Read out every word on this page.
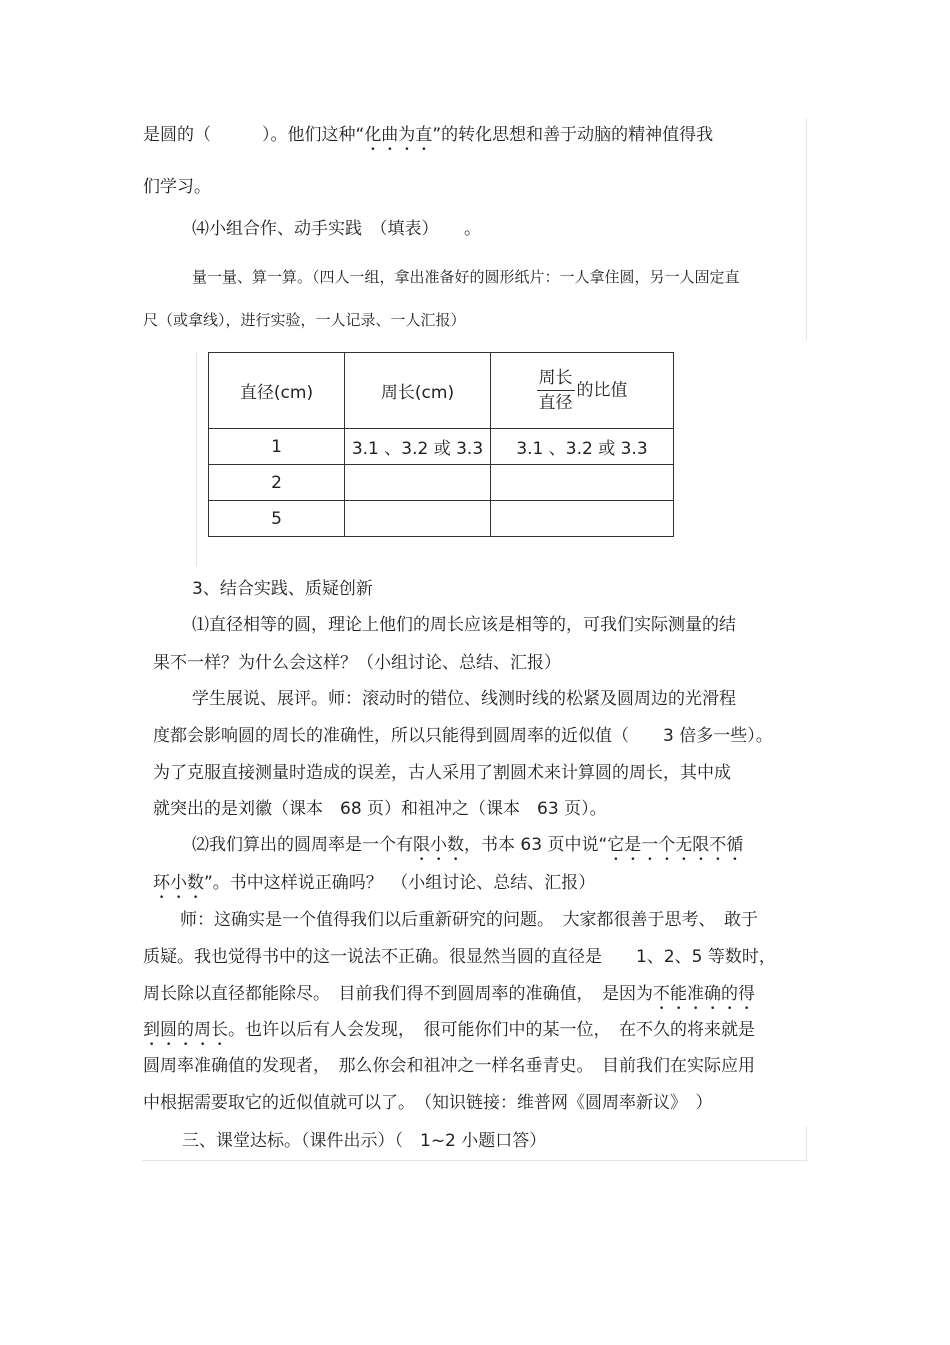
是圆的（　　　）。他们这种“化曲为直”的转化思想和善于动脑的精神值得我
们学习。
⑷小组合作、动手实践　（填表）　　。
量一量、算一算。（四人一组，拿出准备好的圆形纸片：一人拿住圆，另一人固定直
尺（或拿线），进行实验，一人记录、一人汇报）
直径(cm)	周长(cm)	$\frac{\text{周长}}{\text{直径}}$ 的比值
1	3.1 、3.2 或 3.3	3.1 、3.2 或 3.3
2		
5		
3、结合实践、质疑创新
⑴直径相等的圆，理论上他们的周长应该是相等的，可我们实际测量的结
果不一样？为什么会这样？（小组讨论、总结、汇报）
学生展说、展评。师：滚动时的错位、线测时线的松紧及圆周边的光滑程
度都会影响圆的周长的准确性，所以只能得到圆周率的近似值（　　3 倍多一些）。
为了克服直接测量时造成的误差，古人采用了割圆术来计算圆的周长，其中成
就突出的是刘徽（课本　68 页）和祖冲之（课本　63 页）。
⑵我们算出的圆周率是一个有限小数，书本 63 页中说“它是一个无限不循
环小数”。书中这样说正确吗？　（小组讨论、总结、汇报）
师：这确实是一个值得我们以后重新研究的问题。　大家都很善于思考、　敢于
质疑。我也觉得书中的这一说法不正确。很显然当圆的直径是　　1、2、5 等数时，
周长除以直径都能除尽。　目前我们得不到圆周率的准确值，　是因为不能准确的得
到圆的周长。也许以后有人会发现，　很可能你们中的某一位，　在不久的将来就是
圆周率准确值的发现者，　那么你会和祖冲之一样名垂青史。　目前我们在实际应用
中根据需要取它的近似值就可以了。　（知识链接：维普网《圆周率新议》　）
三、课堂达标。（课件出示）（　1~2 小题口答）
